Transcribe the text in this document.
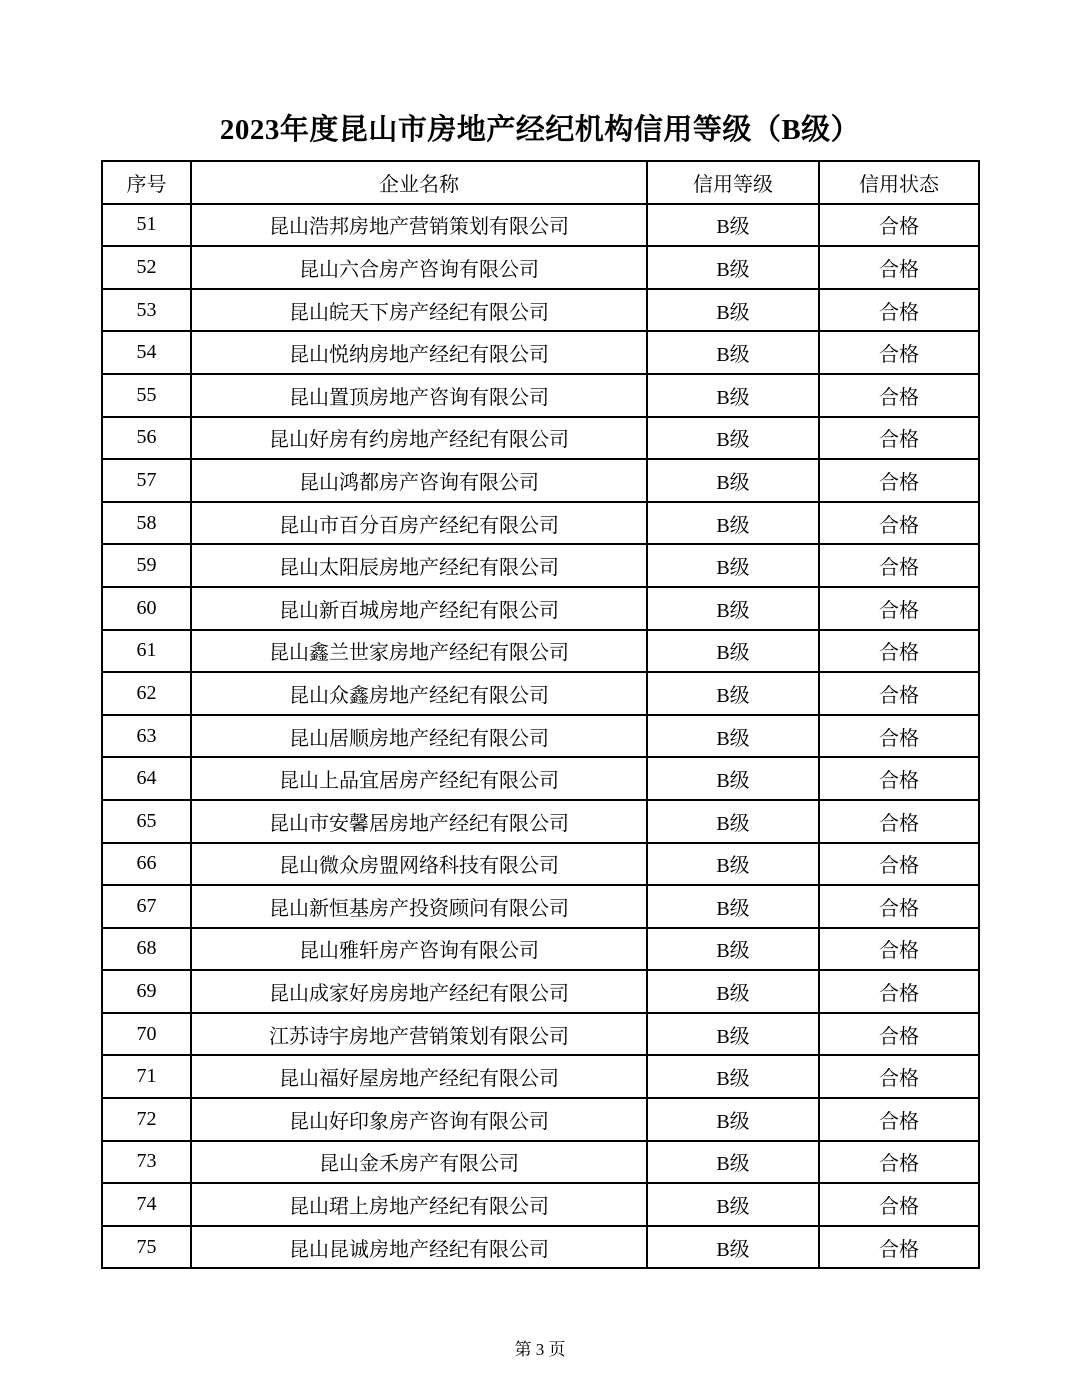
2023年度昆山市房地产经纪机构信用等级（B级）
序号	企业名称	信用等级	信用状态
51	昆山浩邦房地产营销策划有限公司	B级	合格
52	昆山六合房产咨询有限公司	B级	合格
53	昆山皖天下房产经纪有限公司	B级	合格
54	昆山悦纳房地产经纪有限公司	B级	合格
55	昆山置顶房地产咨询有限公司	B级	合格
56	昆山好房有约房地产经纪有限公司	B级	合格
57	昆山鸿都房产咨询有限公司	B级	合格
58	昆山市百分百房产经纪有限公司	B级	合格
59	昆山太阳辰房地产经纪有限公司	B级	合格
60	昆山新百城房地产经纪有限公司	B级	合格
61	昆山鑫兰世家房地产经纪有限公司	B级	合格
62	昆山众鑫房地产经纪有限公司	B级	合格
63	昆山居顺房地产经纪有限公司	B级	合格
64	昆山上品宜居房产经纪有限公司	B级	合格
65	昆山市安馨居房地产经纪有限公司	B级	合格
66	昆山微众房盟网络科技有限公司	B级	合格
67	昆山新恒基房产投资顾问有限公司	B级	合格
68	昆山雅轩房产咨询有限公司	B级	合格
69	昆山成家好房房地产经纪有限公司	B级	合格
70	江苏诗宇房地产营销策划有限公司	B级	合格
71	昆山福好屋房地产经纪有限公司	B级	合格
72	昆山好印象房产咨询有限公司	B级	合格
73	昆山金禾房产有限公司	B级	合格
74	昆山珺上房地产经纪有限公司	B级	合格
75	昆山昆诚房地产经纪有限公司	B级	合格
第 3 页
